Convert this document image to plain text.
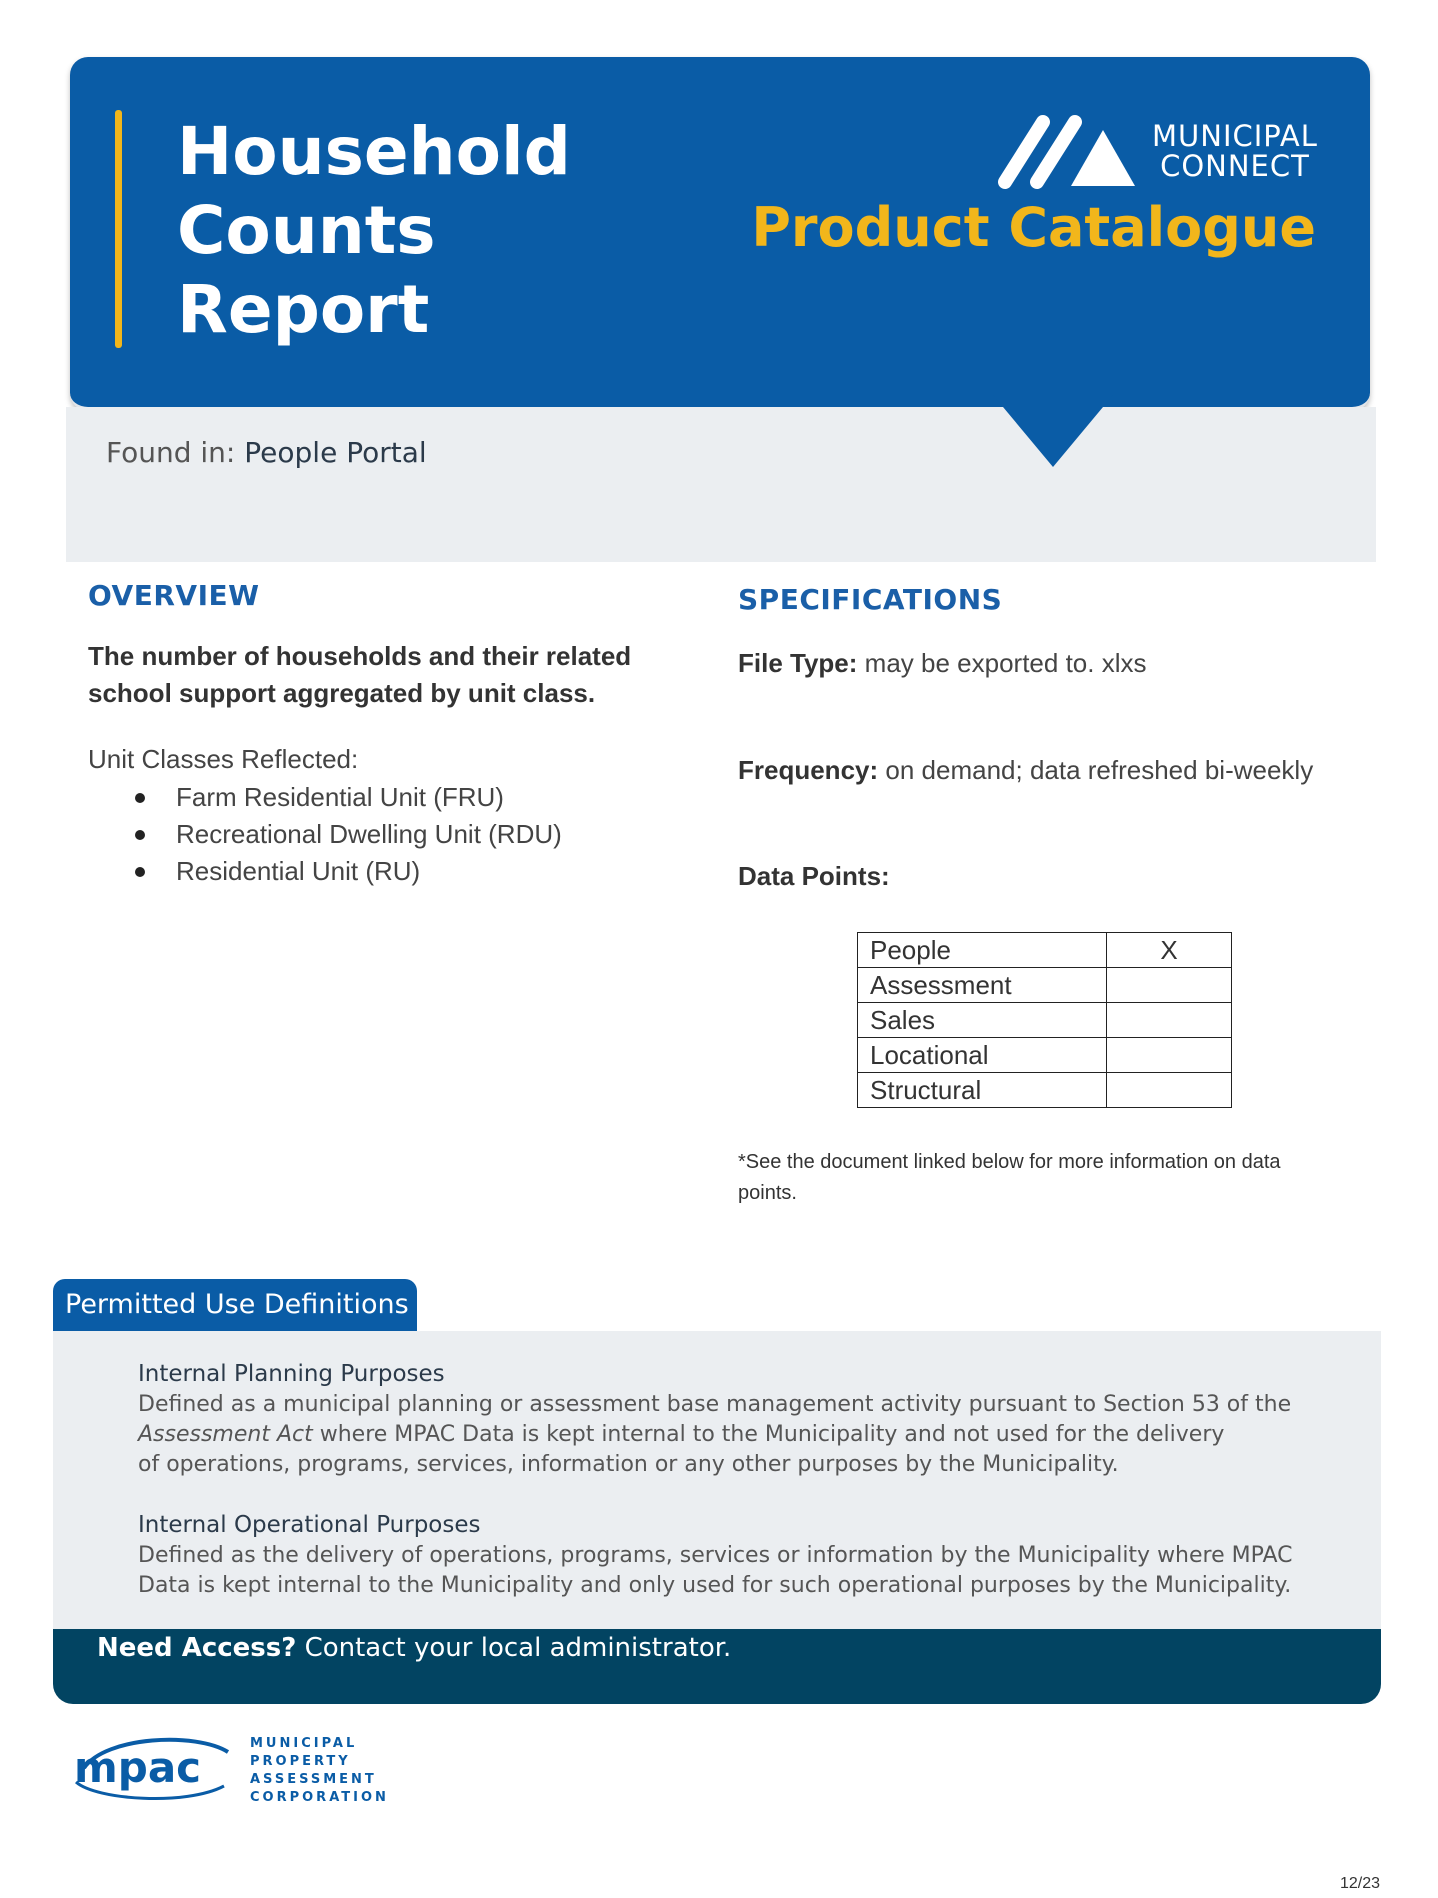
Household
Counts
Report
MUNICIPAL
CONNECT
Product Catalogue
Found in: People Portal
OVERVIEW
The number of households and their related school support aggregated by unit class.
Unit Classes Reflected:
Farm Residential Unit (FRU)
Recreational Dwelling Unit (RDU)
Residential Unit (RU)
SPECIFICATIONS
File Type: may be exported to. xlxs
Frequency: on demand; data refreshed bi-weekly
Data Points:
People	X
Assessment	
Sales	
Locational	
Structural	
*See the document linked below for more information on data points.
Permitted Use Definitions
Internal Planning Purposes
Defined as a municipal planning or assessment base management activity pursuant to Section 53 of the
Assessment Act where MPAC Data is kept internal to the Municipality and not used for the delivery
of operations, programs, services, information or any other purposes by the Municipality.
Internal Operational Purposes
Defined as the delivery of operations, programs, services or information by the Municipality where MPAC
Data is kept internal to the Municipality and only used for such operational purposes by the Municipality.
Need Access? Contact your local administrator.
mpac	MUNICIPAL
PROPERTY
ASSESSMENT
CORPORATION
12/23
